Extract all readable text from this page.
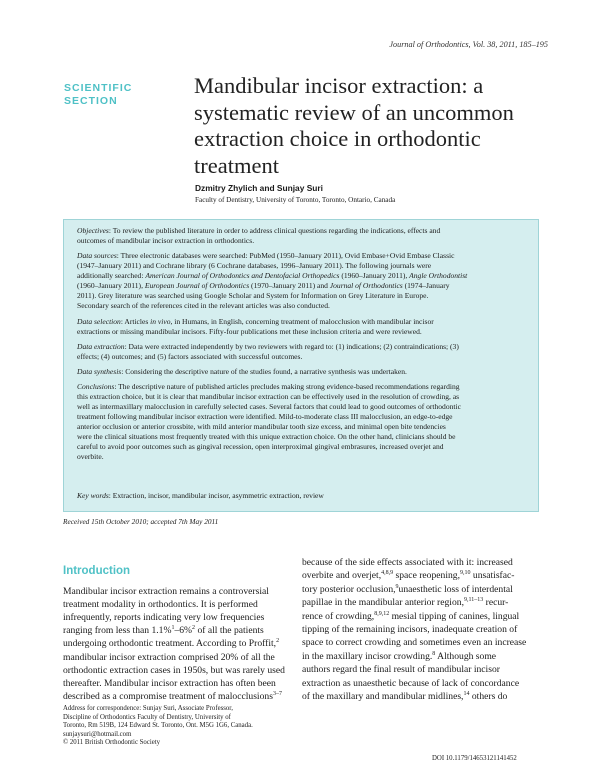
Journal of Orthodontics, Vol. 38, 2011, 185–195
SCIENTIFIC
SECTION
Mandibular incisor extraction: a
systematic review of an uncommon
extraction choice in orthodontic
treatment
Dzmitry Zhylich and Sunjay Suri
Faculty of Dentistry, University of Toronto, Toronto, Ontario, Canada
Objectives: To review the published literature in order to address clinical questions regarding the indications, effects and
outcomes of mandibular incisor extraction in orthodontics.
Data sources: Three electronic databases were searched: PubMed (1950–January 2011), Ovid Embase+Ovid Embase Classic
(1947–January 2011) and Cochrane library (6 Cochrane databases, 1996–January 2011). The following journals were
additionally searched: American Journal of Orthodontics and Dentofacial Orthopedics (1960–January 2011), Angle Orthodontist
(1960–January 2011), European Journal of Orthodontics (1970–January 2011) and Journal of Orthodontics (1974–January
2011). Grey literature was searched using Google Scholar and System for Information on Grey Literature in Europe.
Secondary search of the references cited in the relevant articles was also conducted.
Data selection: Articles in vivo, in Humans, in English, concerning treatment of malocclusion with mandibular incisor
extractions or missing mandibular incisors. Fifty-four publications met these inclusion criteria and were reviewed.
Data extraction: Data were extracted independently by two reviewers with regard to: (1) indications; (2) contraindications; (3)
effects; (4) outcomes; and (5) factors associated with successful outcomes.
Data synthesis: Considering the descriptive nature of the studies found, a narrative synthesis was undertaken.
Conclusions: The descriptive nature of published articles precludes making strong evidence-based recommendations regarding
this extraction choice, but it is clear that mandibular incisor extraction can be effectively used in the resolution of crowding, as
well as intermaxillary malocclusion in carefully selected cases. Several factors that could lead to good outcomes of orthodontic
treatment following mandibular incisor extraction were identified. Mild-to-moderate class III malocclusion, an edge-to-edge
anterior occlusion or anterior crossbite, with mild anterior mandibular tooth size excess, and minimal open bite tendencies
were the clinical situations most frequently treated with this unique extraction choice. On the other hand, clinicians should be
careful to avoid poor outcomes such as gingival recession, open interproximal gingival embrasures, increased overjet and
overbite.
Key words: Extraction, incisor, mandibular incisor, asymmetric extraction, review
Received 15th October 2010; accepted 7th May 2011
Introduction
Mandibular incisor extraction remains a controversial
treatment modality in orthodontics. It is performed
infrequently, reports indicating very low frequencies
ranging from less than 1.1%$^1$–6%$^2$ of all the patients
undergoing orthodontic treatment. According to Proffit,$^2$
mandibular incisor extraction comprised 20% of all the
orthodontic extraction cases in 1950s, but was rarely used
thereafter. Mandibular incisor extraction has often been
described as a compromise treatment of malocclusions$^{3-7}$
because of the side effects associated with it: increased
overbite and overjet,$^{4,8,9}$ space reopening,$^{9,10}$ unsatisfac-
tory posterior occlusion,$^9$unaesthetic loss of interdental
papillae in the mandibular anterior region,$^{9,11-13}$ recur-
rence of crowding,$^{8,9,12}$ mesial tipping of canines, lingual
tipping of the remaining incisors, inadequate creation of
space to correct crowding and sometimes even an increase
in the maxillary incisor crowding.$^8$ Although some
authors regard the final result of mandibular incisor
extraction as unaesthetic because of lack of concordance
of the maxillary and mandibular midlines,$^{14}$ others do
Address for correspondence: Sunjay Suri, Associate Professor,
Discipline of Orthodontics Faculty of Dentistry, University of
Toronto, Rm 519B, 124 Edward St. Toronto, Ont. M5G 1G6, Canada.
sunjaysuri@hotmail.com
© 2011 British Orthodontic Society
DOI 10.1179/14653121141452
